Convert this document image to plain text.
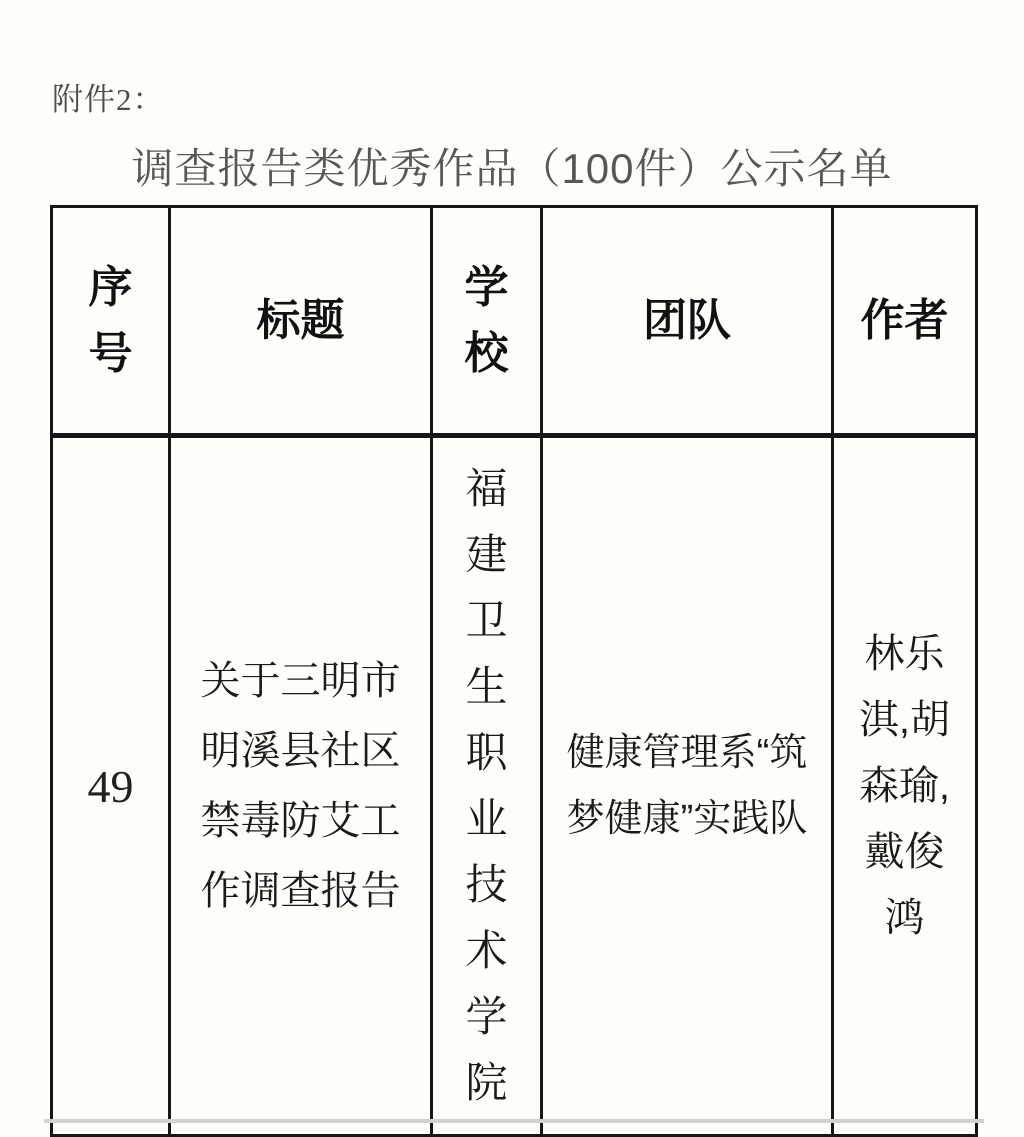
附件2：
调查报告类优秀作品（100件）公示名单
序号	标题	学校	团队	作者
49	关于三明市明溪县社区禁毒防艾工作调查报告	福建卫生职业技术学院	健康管理系“筑梦健康”实践队	林乐淇,胡森瑜,戴俊鸿
